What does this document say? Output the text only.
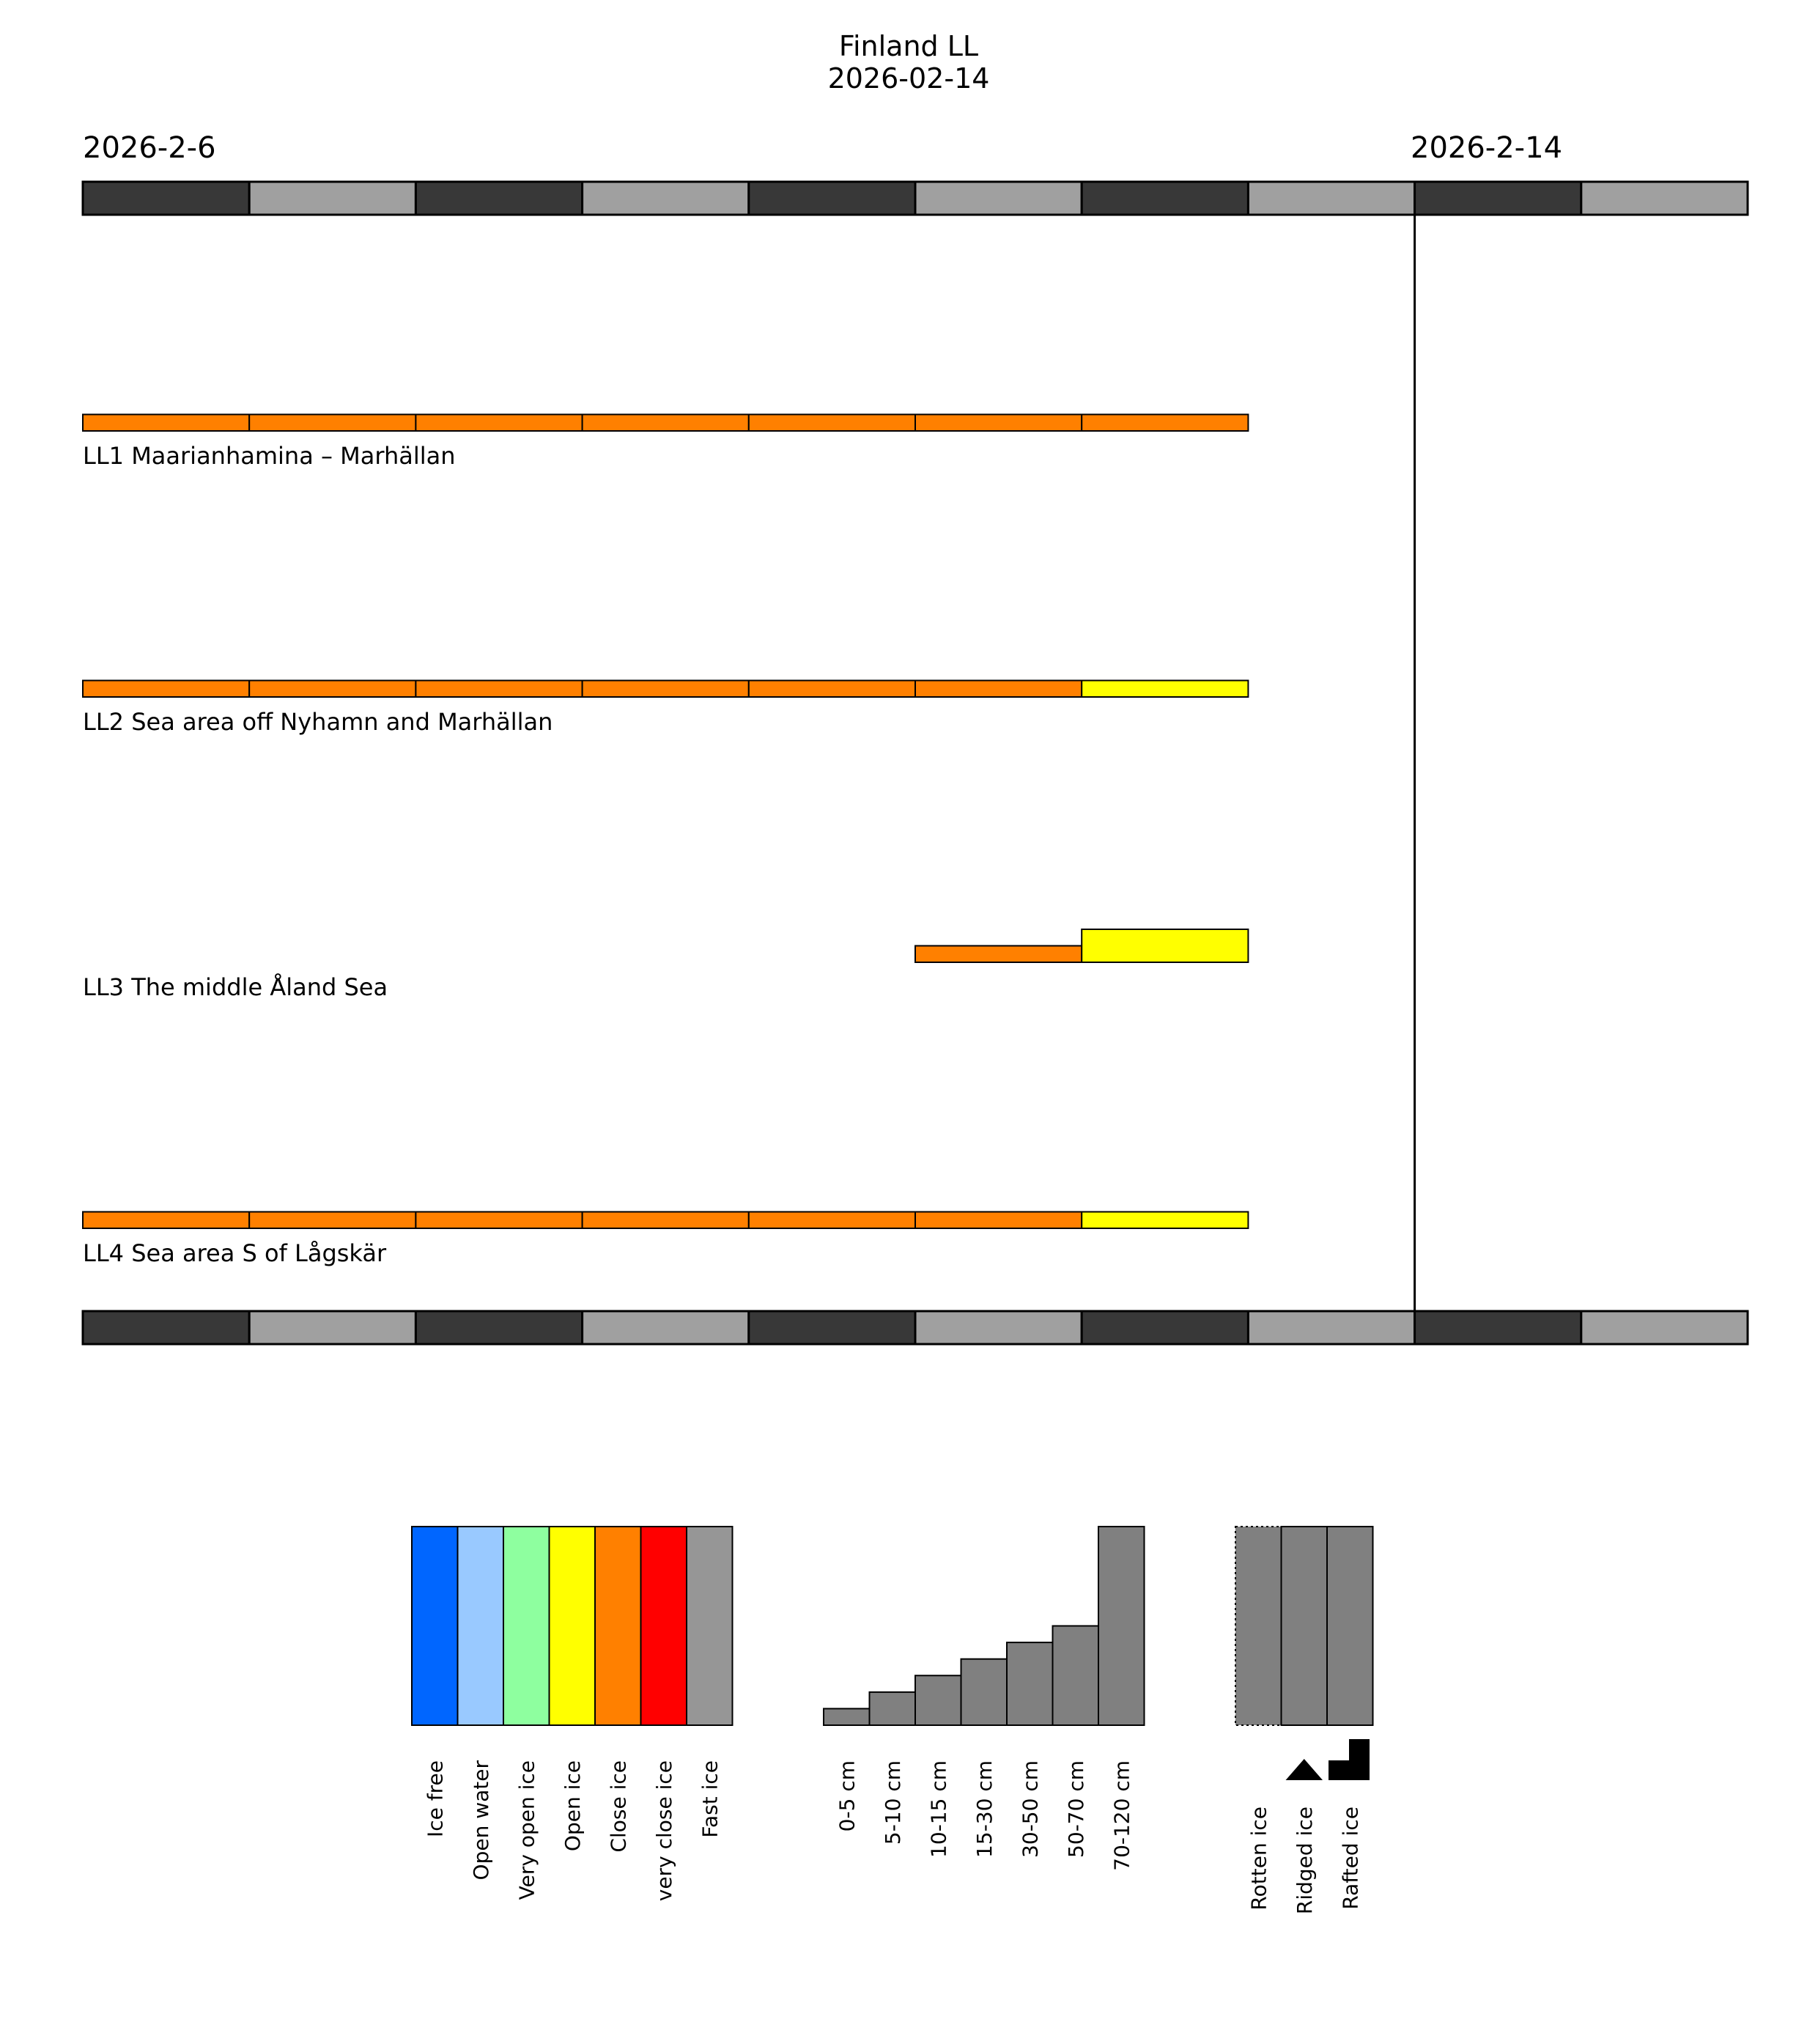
Finland LL
2026-02-14
2026-2-6	2026-2-14
LL1 Maarianhamina – Marhällan
LL2 Sea area off Nyhamn and Marhällan
LL3 The middle Åland Sea
LL4 Sea area S of Lågskär
Ice free Open water Very open ice Open ice Close ice very close ice Fast ice	0-5 cm 5-10 cm 10-15 cm 15-30 cm 30-50 cm 50-70 cm 70-120 cm	Rotten ice Ridged ice Rafted ice
